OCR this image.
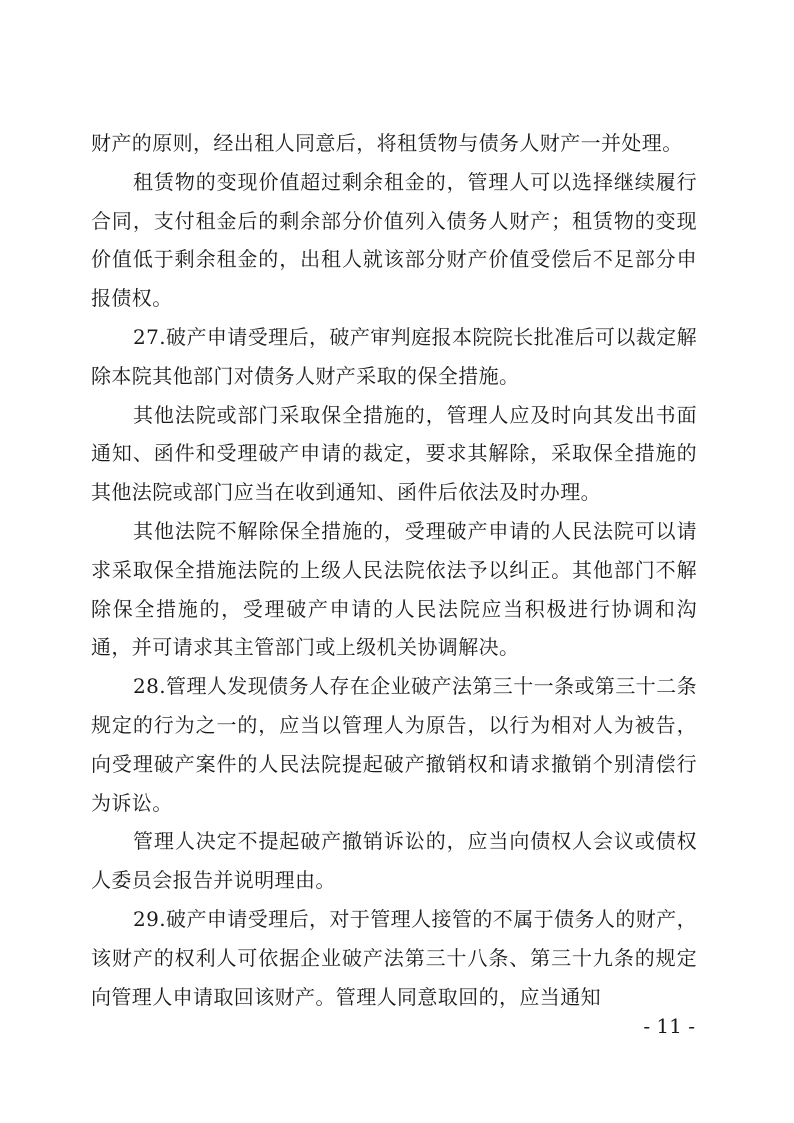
财产的原则，经出租人同意后，将租赁物与债务人财产一并处理。

租赁物的变现价值超过剩余租金的，管理人可以选择继续履行合同，支付租金后的剩余部分价值列入债务人财产；租赁物的变现价值低于剩余租金的，出租人就该部分财产价值受偿后不足部分申报债权。

27.破产申请受理后，破产审判庭报本院院长批准后可以裁定解除本院其他部门对债务人财产采取的保全措施。

其他法院或部门采取保全措施的，管理人应及时向其发出书面通知、函件和受理破产申请的裁定，要求其解除，采取保全措施的其他法院或部门应当在收到通知、函件后依法及时办理。

其他法院不解除保全措施的，受理破产申请的人民法院可以请求采取保全措施法院的上级人民法院依法予以纠正。其他部门不解除保全措施的，受理破产申请的人民法院应当积极进行协调和沟通，并可请求其主管部门或上级机关协调解决。

28.管理人发现债务人存在企业破产法第三十一条或第三十二条规定的行为之一的，应当以管理人为原告，以行为相对人为被告，向受理破产案件的人民法院提起破产撤销权和请求撤销个别清偿行为诉讼。

管理人决定不提起破产撤销诉讼的，应当向债权人会议或债权人委员会报告并说明理由。

29.破产申请受理后，对于管理人接管的不属于债务人的财产，该财产的权利人可依据企业破产法第三十八条、第三十九条的规定向管理人申请取回该财产。管理人同意取回的，应当通知

- 11 -
